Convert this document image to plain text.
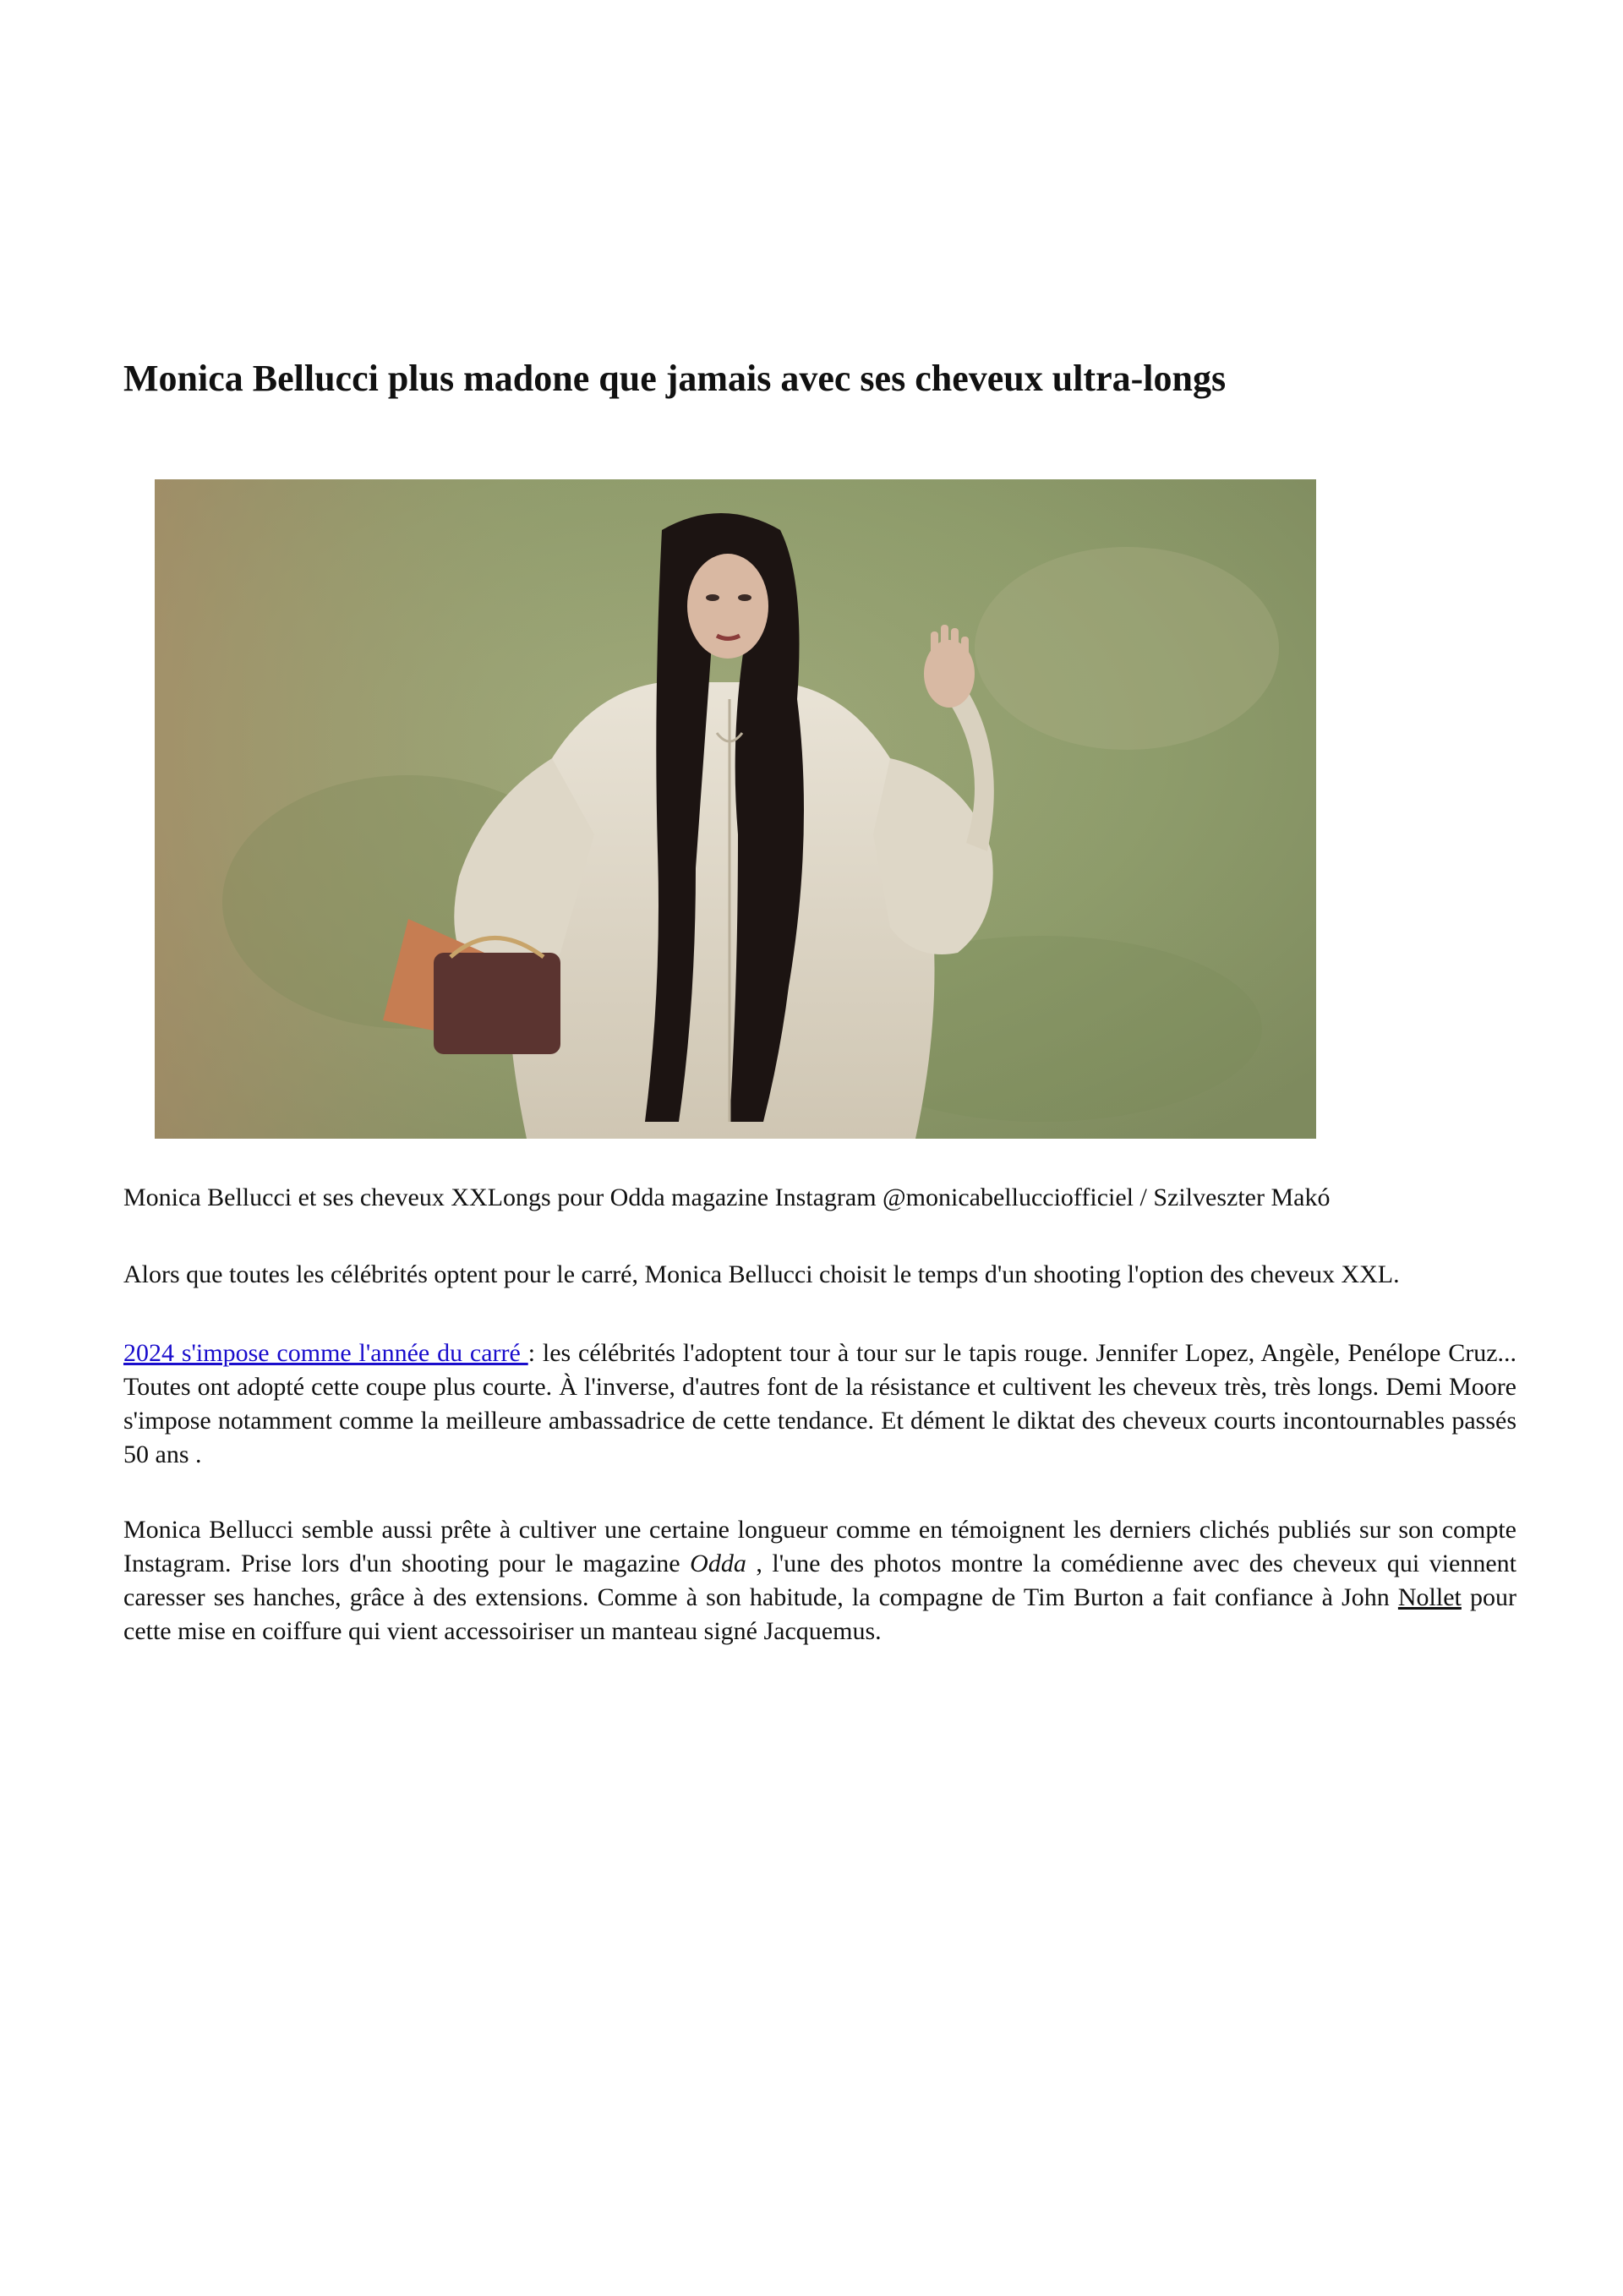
Monica Bellucci plus madone que jamais avec ses cheveux ultra-longs

Monica Bellucci et ses cheveux XXLongs pour Odda magazine Instagram @monicabellucciofficiel / Szilveszter Makó

Alors que toutes les célébrités optent pour le carré, Monica Bellucci choisit le temps d'un shooting l'option des cheveux XXL.

2024 s'impose comme l'année du carré : les célébrités l'adoptent tour à tour sur le tapis rouge. Jennifer Lopez, Angèle, Penélope Cruz... Toutes ont adopté cette coupe plus courte. À l'inverse, d'autres font de la résistance et cultivent les cheveux très, très longs. Demi Moore s'impose notamment comme la meilleure ambassadrice de cette tendance. Et dément le diktat des cheveux courts incontournables passés 50 ans .

Monica Bellucci semble aussi prête à cultiver une certaine longueur comme en témoignent les derniers clichés publiés sur son compte Instagram. Prise lors d'un shooting pour le magazine Odda , l'une des photos montre la comédienne avec des cheveux qui viennent caresser ses hanches, grâce à des extensions. Comme à son habitude, la compagne de Tim Burton a fait confiance à John Nollet pour cette mise en coiffure qui vient accessoiriser un manteau signé Jacquemus.
